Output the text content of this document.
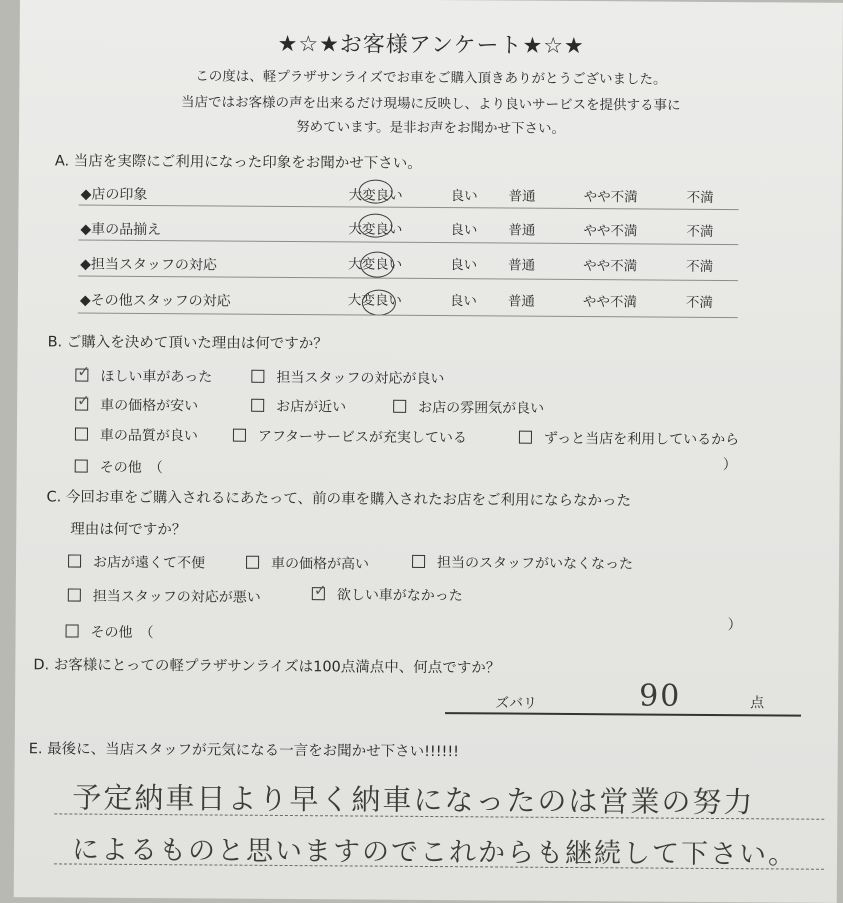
★☆★お客様アンケート★☆★
この度は、軽プラザサンライズでお車をご購入頂きありがとうございました。
当店ではお客様の声を出来るだけ現場に反映し、より良いサービスを提供する事に
努めています。是非お声をお聞かせ下さい。
A. 当店を実際にご利用になった印象をお聞かせ下さい。
◆店の印象	大変良い	良い 普通	やや不満	不満
◆車の品揃え	大変良い	良い 普通	やや不満	不満
◆担当スタッフの対応	大変良い	良い 普通	やや不満	不満
◆その他スタッフの対応	大変良い	良い 普通	やや不満	不満
B. ご購入を決めて頂いた理由は何ですか？
✓ ほしい車があった	担当スタッフの対応が良い
✓ 車の価格が安い	お店が近い	お店の雰囲気が良い
車の品質が良い	アフターサービスが充実している	ずっと当店を利用しているから
その他　（	）
C. 今回お車をご購入されるにあたって、前の車を購入されたお店をご利用にならなかった
理由は何ですか？
お店が遠くて不便	車の価格が高い	担当のスタッフがいなくなった
担当スタッフの対応が悪い	✓ 欲しい車がなかった
その他　（	）
D. お客様にとっての軽プラザサンライズは100点満点中、何点ですか？
ズバリ	90	点
E. 最後に、当店スタッフが元気になる一言をお聞かせ下さい!!!!!!
予定納車日より早く納車になったのは営業の努力
によるものと思いますのでこれからも継続して下さい。
